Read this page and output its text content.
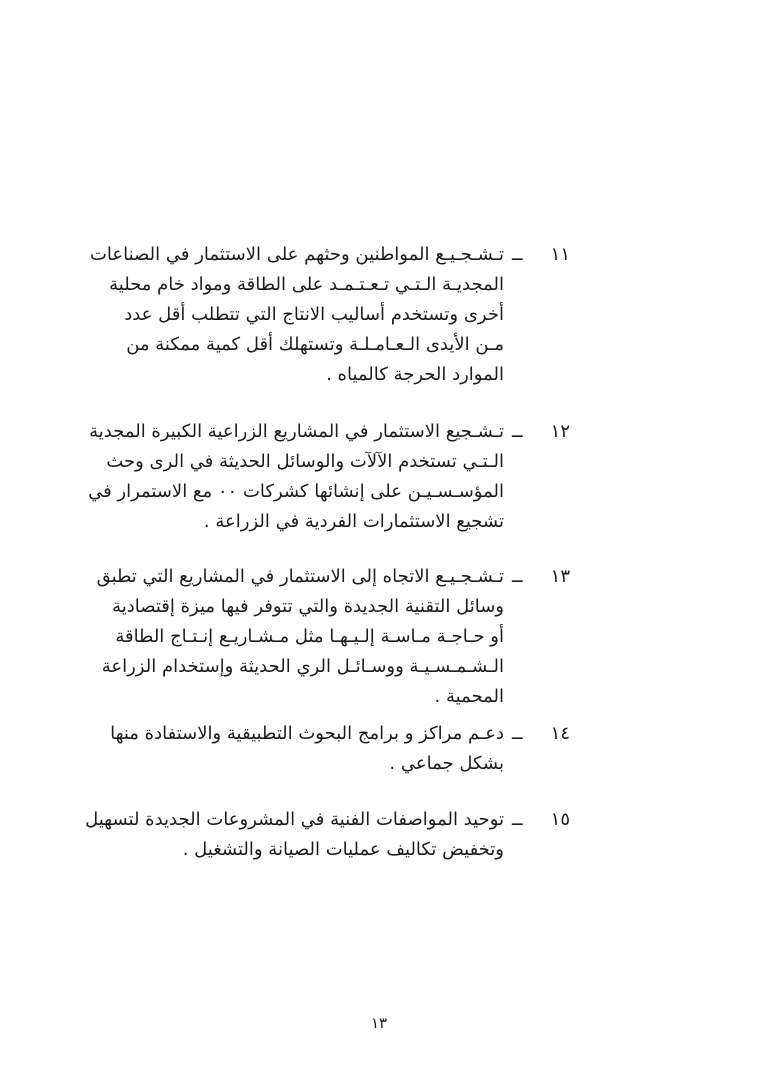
١١
ــ
تـشـجـيـع المواطنين وحثهم على الاستثمار في الصناعات
المجديـة الـتـي تـعـتـمـد على الطاقة ومواد خام محلية
أخرى وتستخدم أساليب الانتاج التي تتطلب أقل عدد
مـن الأيدى الـعـامـلـة وتستهلك أقل كمية ممكنة من
الموارد الحرجة كالمياه .
١٢
ــ
تـشـجيع الاستثمار في المشاريع الزراعية الكبيرة المجدية
الـتـي تستخدم الآلآت والوسائل الحديثة في الرى وحث
المؤسـسـيـن على إنشائها كشركات ٠٠ مع الاستمرار في
تشجيع الاستثمارات الفردية في الزراعة .
١٣
ــ
تـشـجـيـع الاتجاه إلى الاستثمار في المشاريع التي تطبق
وسائل التقنية الجديدة والتي تتوفر فيها ميزة إقتصادية
أو حـاجـة مـاسـة إلـيـهـا مثل مـشـاريـع إنـتـاج الطاقة
الـشـمـسـيـة ووسـائـل الري الحديثة وإستخدام الزراعة
المحمية .
١٤
ــ
دعـم مراكز و برامج البحوث التطبيقية والاستفادة منها
بشكل جماعي .
١٥
ــ
توحيد المواصفات الفنية في المشروعات الجديدة لتسهيل
وتخفيض تكاليف عمليات الصيانة والتشغيل .
١٣
